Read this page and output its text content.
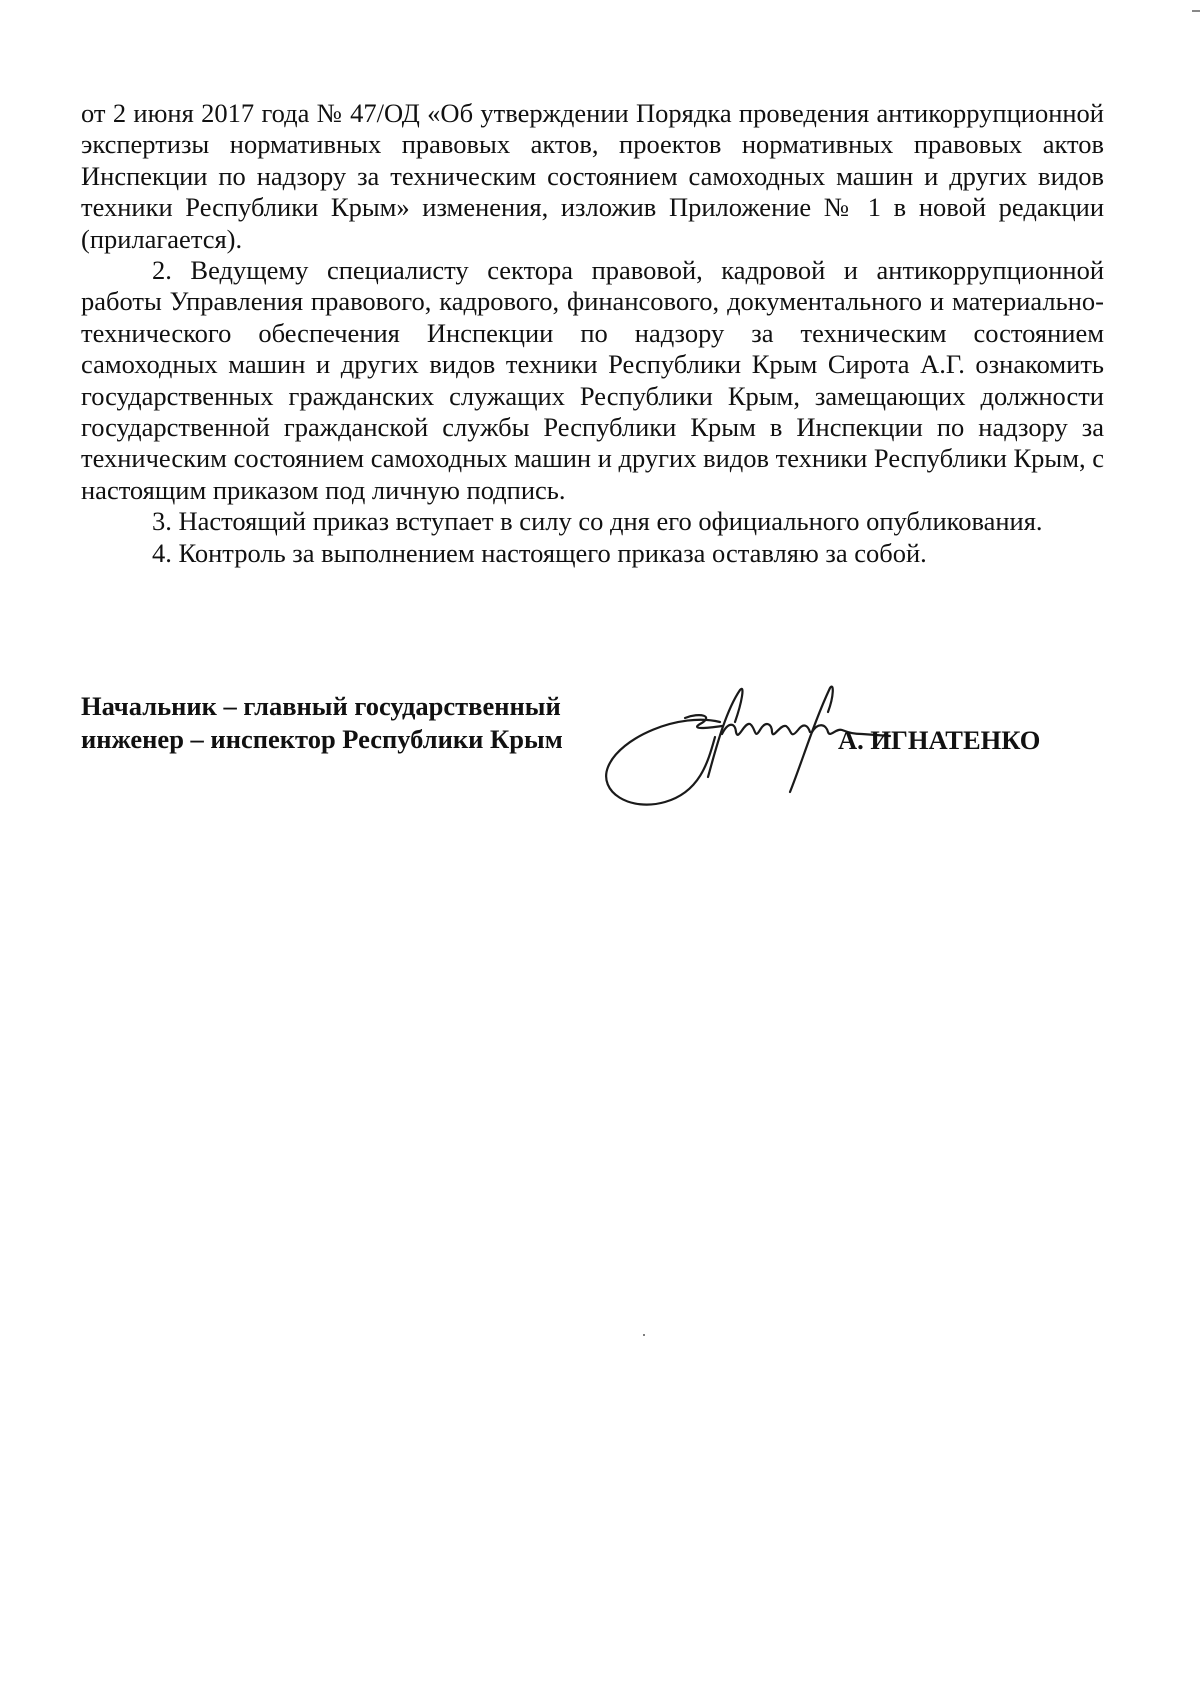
от 2 июня 2017 года № 47/ОД «Об утверждении Порядка проведения антикоррупционной экспертизы нормативных правовых актов, проектов нормативных правовых актов Инспекции по надзору за техническим состоянием самоходных машин и других видов техники Республики Крым» изменения, изложив Приложение № 1 в новой редакции (прилагается).

2. Ведущему специалисту сектора правовой, кадровой и антикоррупционной работы Управления правового, кадрового, финансового, документального и материально-технического обеспечения Инспекции по надзору за техническим состоянием самоходных машин и других видов техники Республики Крым Сирота А.Г. ознакомить государственных гражданских служащих Республики Крым, замещающих должности государственной гражданской службы Республики Крым в Инспекции по надзору за техническим состоянием самоходных машин и других видов техники Республики Крым, с настоящим приказом под личную подпись.

3. Настоящий приказ вступает в силу со дня его официального опубликования.

4. Контроль за выполнением настоящего приказа оставляю за собой.

Начальник – главный государственный
инженер – инспектор Республики Крым	А. ИГНАТЕНКО
